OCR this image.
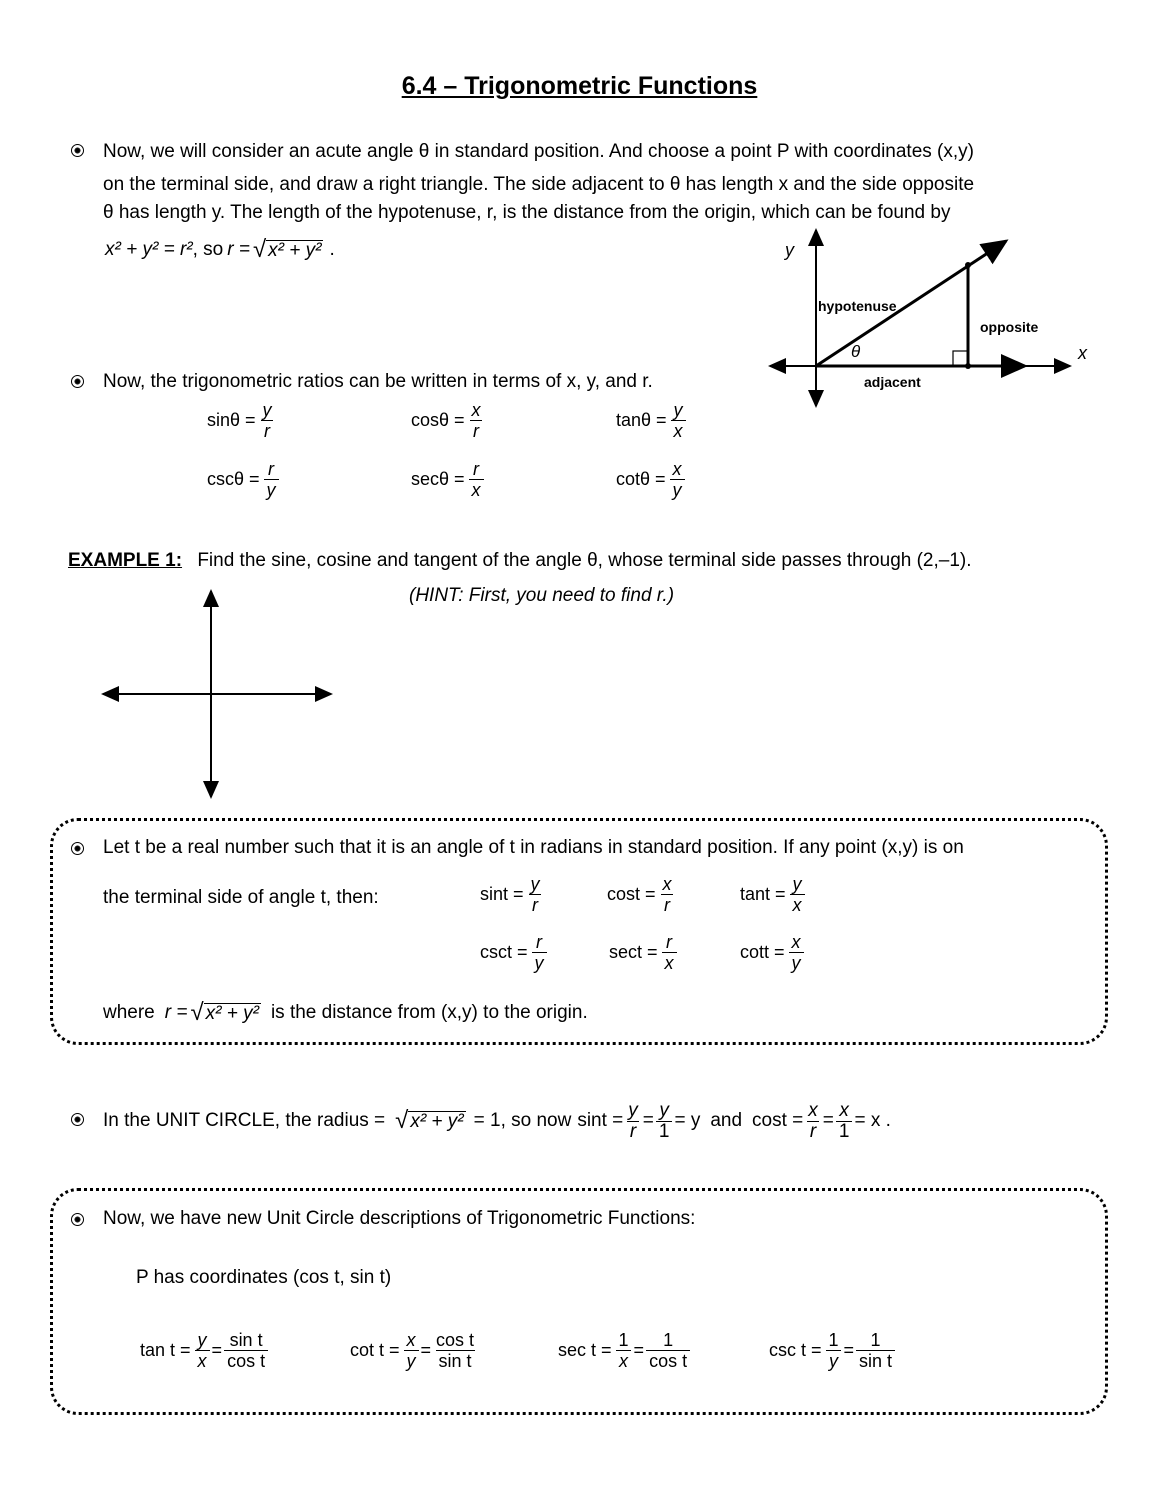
6.4 – Trigonometric Functions
Now, we will consider an acute angle θ in standard position. And choose a point P with coordinates (x,y)
on the terminal side, and draw a right triangle. The side adjacent to θ has length x and the side opposite
θ has length y. The length of the hypotenuse, r, is the distance from the origin, which can be found by
x² + y² = r² , so r = √ x² + y² .	y
x
hypotenuse
opposite
adjacent
θ
Now, the trigonometric ratios can be written in terms of x, y, and r.
$\sin\theta = \frac{y}{r}$	$\cos\theta = \frac{x}{r}$	$\tan\theta = \frac{y}{x}$
$\csc\theta = \frac{r}{y}$	$\sec\theta = \frac{r}{x}$	$\cot\theta = \frac{x}{y}$
EXAMPLE 1: Find the sine, cosine and tangent of the angle θ, whose terminal side passes through (2,–1).
(HINT: First, you need to find r.)
Let t be a real number such that it is an angle of t in radians in standard position. If any point (x,y) is on
the terminal side of angle t, then:	$\sin t = \frac{y}{r}$	$\cos t = \frac{x}{r}$	$\tan t = \frac{y}{x}$
$\csc t = \frac{r}{y}$	$\sec t = \frac{r}{x}$	$\cot t = \frac{x}{y}$
where r = √ x² + y² is the distance from (x,y) to the origin.
In the UNIT CIRCLE, the radius = √ x² + y² = 1, so now $\sin t = \frac{y}{r} = \frac{y}{1} = y$ and $\cos t = \frac{x}{r} = \frac{x}{1} = x$ .
Now, we have new Unit Circle descriptions of Trigonometric Functions:
P has coordinates (cos t, sin t)
$\tan t = \frac{y}{x} = \frac{\text{sin t}}{\text{cos t}}$	$\cot t = \frac{x}{y} = \frac{\text{cos t}}{\text{sin t}}$	$\sec t = \frac{1}{x} = \frac{1}{\text{cos t}}$	$\csc t = \frac{1}{y} = \frac{1}{\text{sin t}}$
